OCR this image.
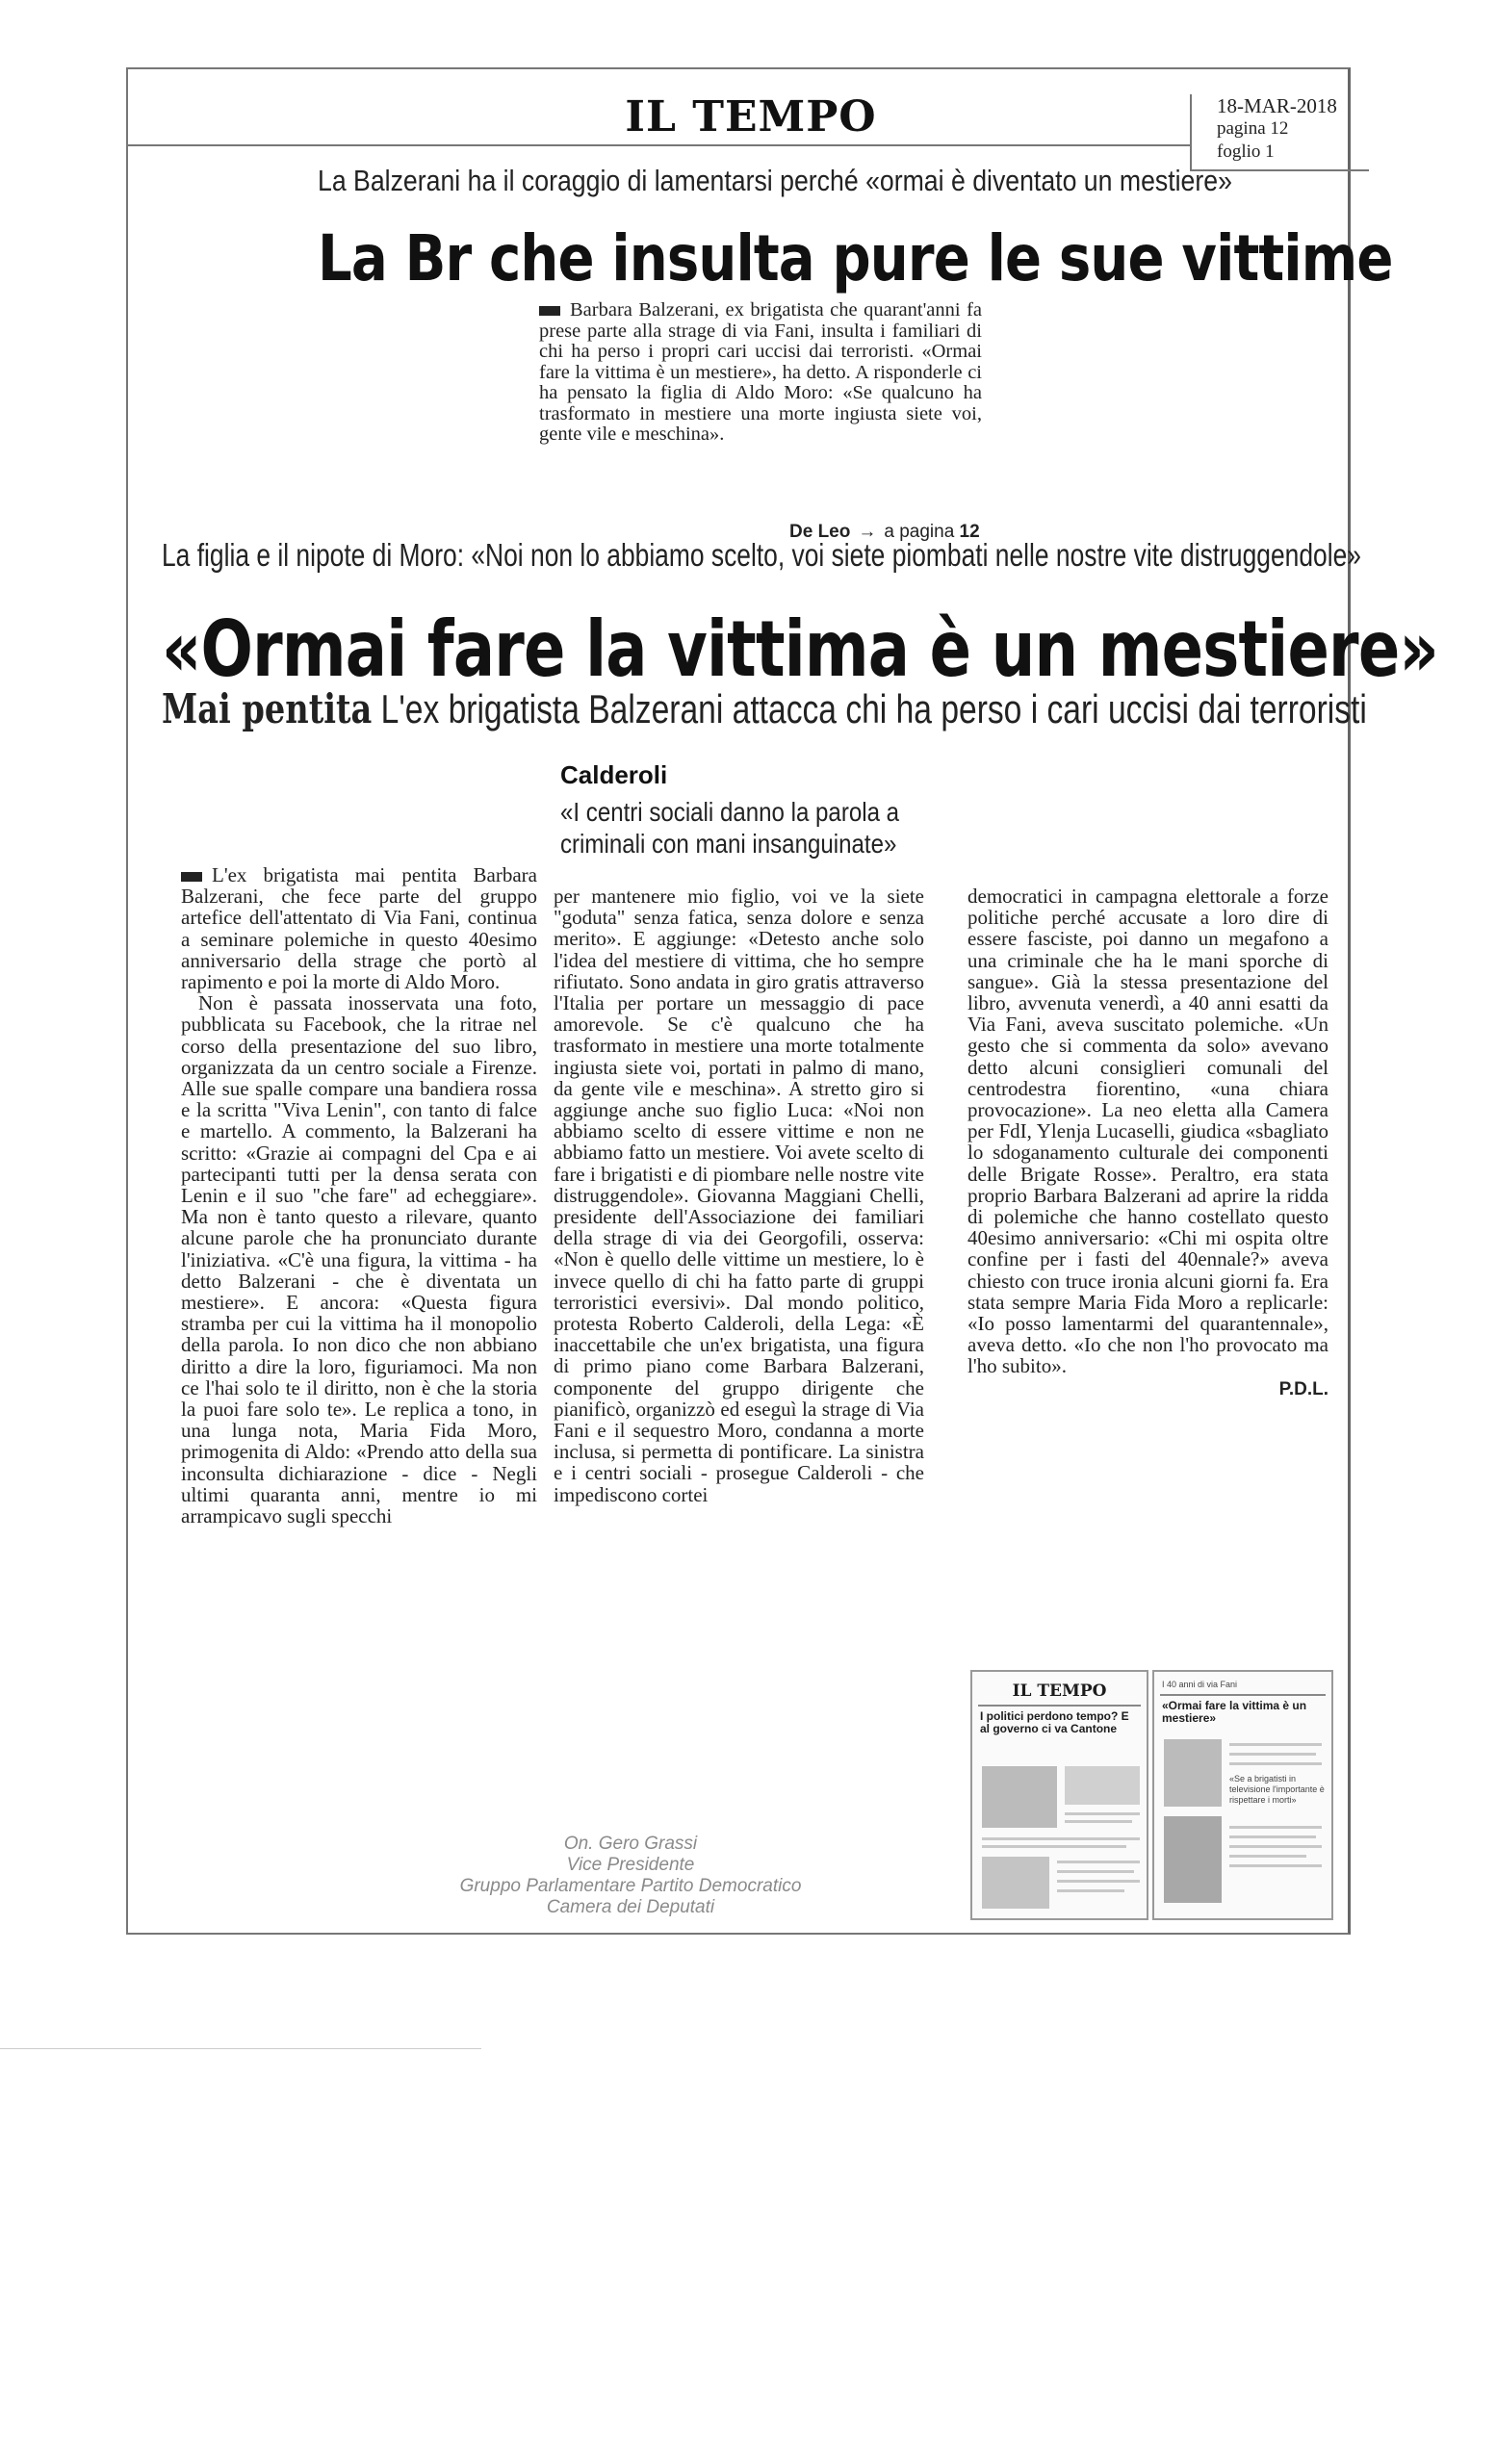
IL TEMPO	18-MAR-2018
pagina 12
foglio 1
La Balzerani ha il coraggio di lamentarsi perché «ormai è diventato un mestiere»
La Br che insulta pure le sue vittime
Barbara Balzerani, ex brigatista che quarant'anni fa prese parte alla strage di via Fani, insulta i familiari di chi ha perso i propri cari uccisi dai terroristi. «Ormai fare la vittima è un mestiere», ha detto. A risponderle ci ha pensato la figlia di Aldo Moro: «Se qualcuno ha trasformato in mestiere una morte ingiusta siete voi, gente vile e meschina».
De Leo → a pagina 12
La figlia e il nipote di Moro: «Noi non lo abbiamo scelto, voi siete piombati nelle nostre vite distruggendole»
«Ormai fare la vittima è un mestiere»
Mai pentita L'ex brigatista Balzerani attacca chi ha perso i cari uccisi dai terroristi
Calderoli
«I centri sociali danno la parola a criminali con mani insanguinate»

L'ex brigatista mai pentita Barbara Balzerani, che fece parte del gruppo artefice dell'attentato di Via Fani, continua a seminare polemiche in questo 40esimo anniversario della strage che portò al rapimento e poi la morte di Aldo Moro.

Non è passata inosservata una foto, pubblicata su Facebook, che la ritrae nel corso della presentazione del suo libro, organizzata da un centro sociale a Firenze. Alle sue spalle compare una bandiera rossa e la scritta "Viva Lenin", con tanto di falce e martello. A commento, la Balzerani ha scritto: «Grazie ai compagni del Cpa e ai partecipanti tutti per la densa serata con Lenin e il suo "che fare" ad echeggiare». Ma non è tanto questo a rilevare, quanto alcune parole che ha pronunciato durante l'iniziativa. «C'è una figura, la vittima - ha detto Balzerani - che è diventata un mestiere». E ancora: «Questa figura stramba per cui la vittima ha il monopolio della parola. Io non dico che non abbiano diritto a dire la loro, figuriamoci. Ma non ce l'hai solo te il diritto, non è che la storia la puoi fare solo te». Le replica a tono, in una lunga nota, Maria Fida Moro, primogenita di Aldo: «Prendo atto della sua inconsulta dichiarazione - dice - Negli ultimi quaranta anni, mentre io mi arrampicavo sugli specchi

per mantenere mio figlio, voi ve la siete "goduta" senza fatica, senza dolore e senza merito». E aggiunge: «Detesto anche solo l'idea del mestiere di vittima, che ho sempre rifiutato. Sono andata in giro gratis attraverso l'Italia per portare un messaggio di pace amorevole. Se c'è qualcuno che ha trasformato in mestiere una morte totalmente ingiusta siete voi, portati in palmo di mano, da gente vile e meschina». A stretto giro si aggiunge anche suo figlio Luca: «Noi non abbiamo scelto di essere vittime e non ne abbiamo fatto un mestiere. Voi avete scelto di fare i brigatisti e di piombare nelle nostre vite distruggendole». Giovanna Maggiani Chelli, presidente dell'Associazione dei familiari della strage di via dei Georgofili, osserva: «Non è quello delle vittime un mestiere, lo è invece quello di chi ha fatto parte di gruppi terroristici eversivi». Dal mondo politico, protesta Roberto Calderoli, della Lega: «È inaccettabile che un'ex brigatista, una figura di primo piano come Barbara Balzerani, componente del gruppo dirigente che pianificò, organizzò ed eseguì la strage di Via Fani e il sequestro Moro, condanna a morte inclusa, si permetta di pontificare. La sinistra e i centri sociali - prosegue Calderoli - che impediscono cortei

democratici in campagna elettorale a forze politiche perché accusate a loro dire di essere fasciste, poi danno un megafono a una criminale che ha le mani sporche di sangue». Già la stessa presentazione del libro, avvenuta venerdì, a 40 anni esatti da Via Fani, aveva suscitato polemiche. «Un gesto che si commenta da solo» avevano detto alcuni consiglieri comunali del centrodestra fiorentino, «una chiara provocazione». La neo eletta alla Camera per FdI, Ylenja Lucaselli, giudica «sbagliato lo sdoganamento culturale dei componenti delle Brigate Rosse». Peraltro, era stata proprio Barbara Balzerani ad aprire la ridda di polemiche che hanno costellato questo 40esimo anniversario: «Chi mi ospita oltre confine per i fasti del 40ennale?» aveva chiesto con truce ironia alcuni giorni fa. Era stata sempre Maria Fida Moro a replicarle: «Io posso lamentarmi del quarantennale», aveva detto. «Io che non l'ho provocato ma l'ho subito».

P.D.L.
On. Gero Grassi
Vice Presidente
Gruppo Parlamentare Partito Democratico
Camera dei Deputati
IL TEMPO
I politici perdono tempo? E al governo ci va Cantone
I 40 anni di via Fani
«Ormai fare la vittima è un mestiere»
«Se a brigatisti in televisione l'importante è rispettare i morti»
